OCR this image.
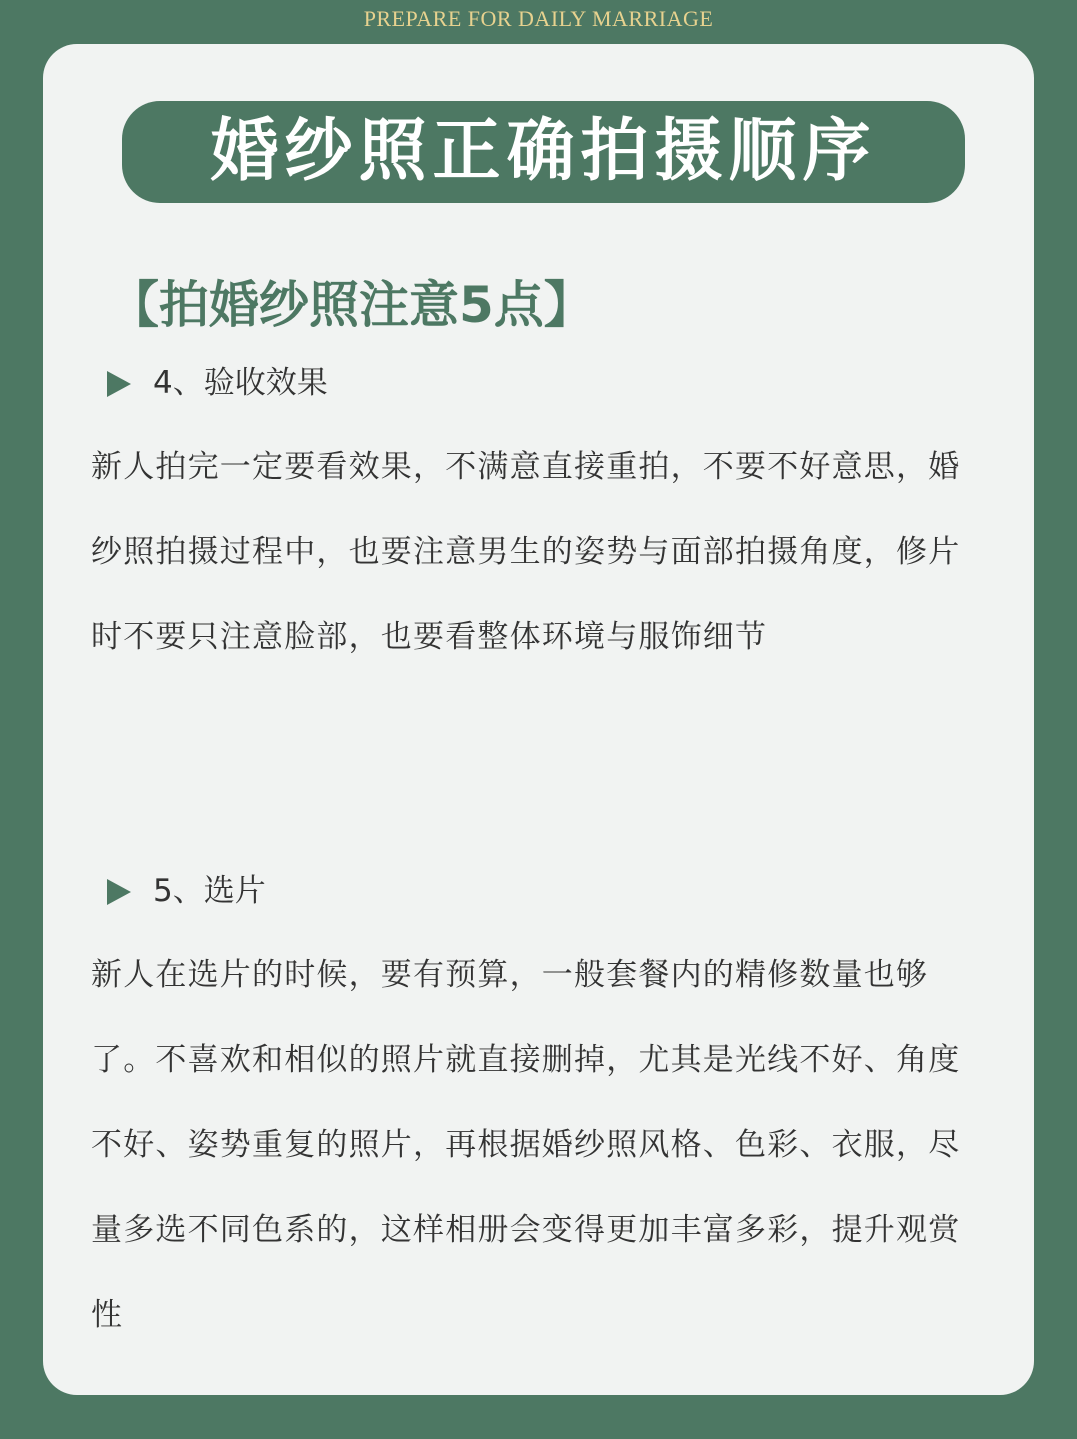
PREPARE FOR DAILY MARRIAGE
婚纱照正确拍摄顺序
【拍婚纱照注意5点】
4、验收效果
新人拍完一定要看效果，不满意直接重拍，不要不好意思，婚纱照拍摄过程中，也要注意男生的姿势与面部拍摄角度，修片时不要只注意脸部，也要看整体环境与服饰细节
5、选片
新人在选片的时候，要有预算，一般套餐内的精修数量也够了。不喜欢和相似的照片就直接删掉，尤其是光线不好、角度不好、姿势重复的照片，再根据婚纱照风格、色彩、衣服，尽量多选不同色系的，这样相册会变得更加丰富多彩，提升观赏性
